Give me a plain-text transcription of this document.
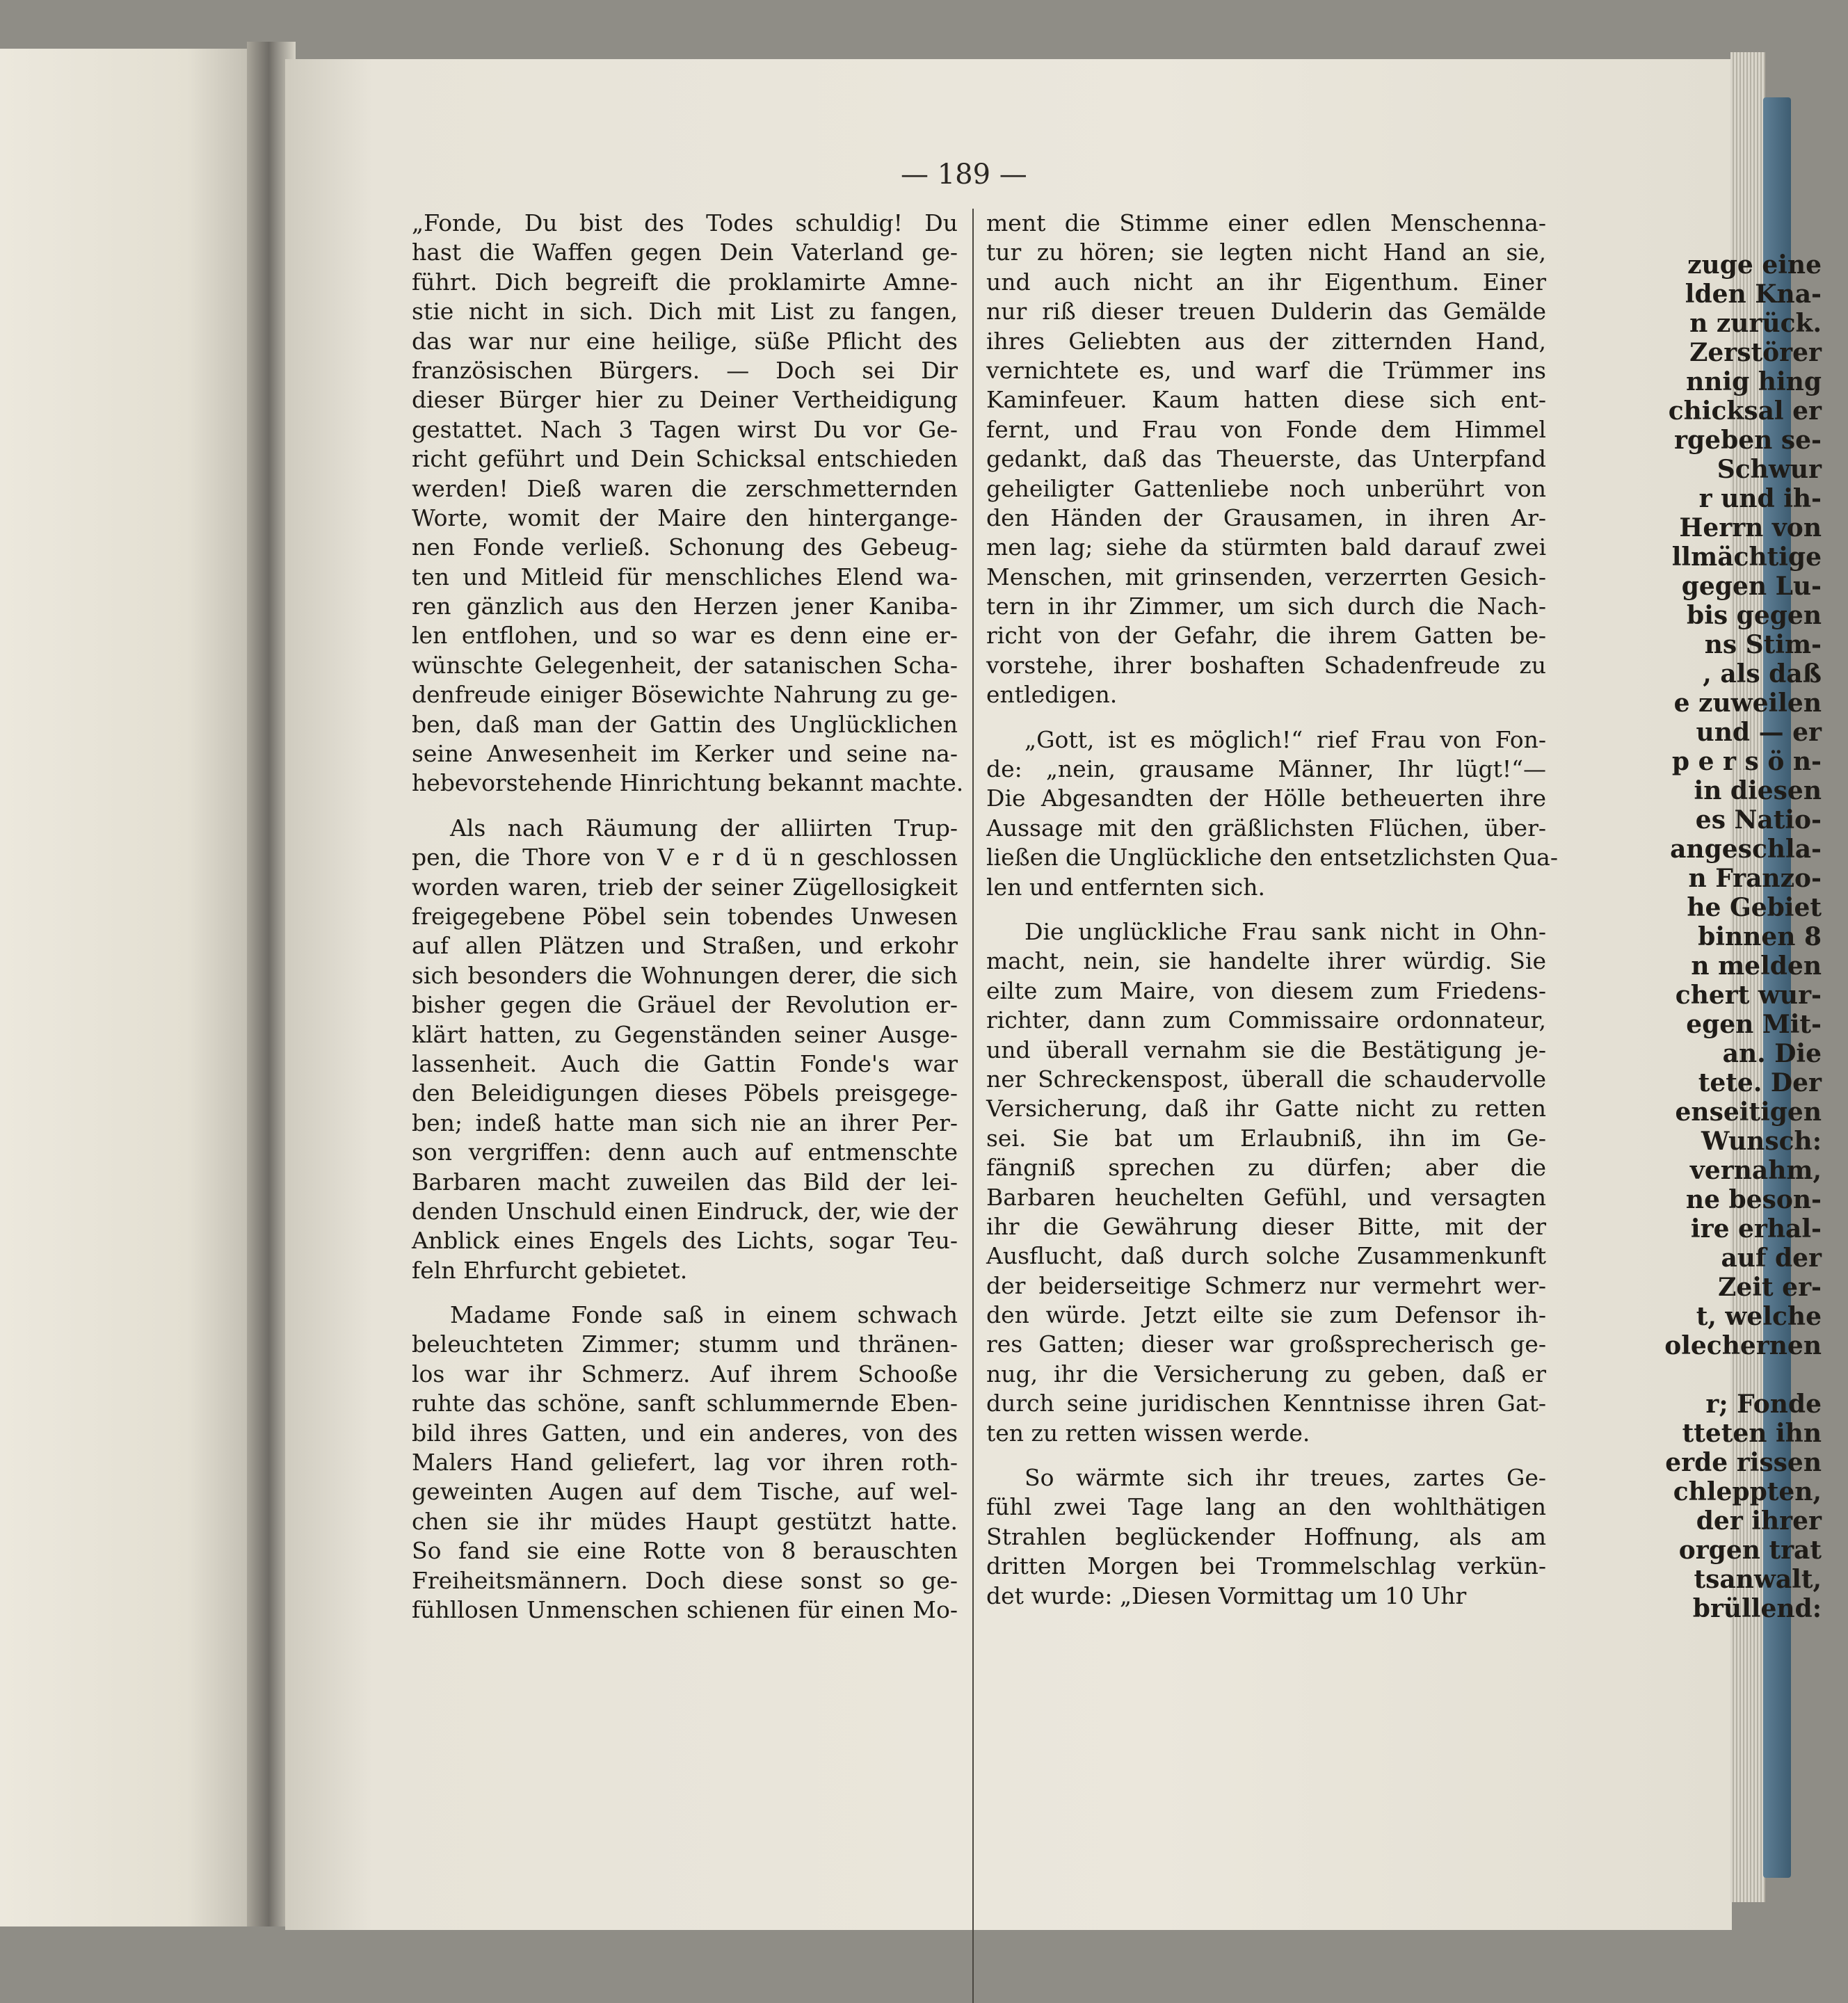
zuge eine
lden Kna-
n zurück.
Zerstörer
nnig hing
chicksal er
rgeben se-
Schwur
r und ih-
Herrn von
llmächtige
gegen Lu-
bis gegen
ns Stim-
, als daß
e zuweilen
und — er
p e r s ö n-
in diesen
es Natio-
angeschla-
n Franzo-
he Gebiet
binnen 8
n melden
chert wur-
egen Mit-
an. Die
tete. Der
enseitigen
Wunsch:
vernahm,
ne beson-
ire erhal-
auf der
Zeit er-
t, welche
olechernen
r; Fonde
tteten ihn
erde rissen
chleppten,
der ihrer
orgen trat
tsanwalt,
brüllend:
— 189 —
„Fonde, Du bist des Todes schuldig! Du
hast die Waffen gegen Dein Vaterland ge-
führt. Dich begreift die proklamirte Amne-
stie nicht in sich. Dich mit List zu fangen,
das war nur eine heilige, süße Pflicht des
französischen Bürgers. — Doch sei Dir
dieser Bürger hier zu Deiner Vertheidigung
gestattet. Nach 3 Tagen wirst Du vor Ge-
richt geführt und Dein Schicksal entschieden
werden! Dieß waren die zerschmetternden
Worte, womit der Maire den hintergange-
nen Fonde verließ. Schonung des Gebeug-
ten und Mitleid für menschliches Elend wa-
ren gänzlich aus den Herzen jener Kaniba-
len entflohen, und so war es denn eine er-
wünschte Gelegenheit, der satanischen Scha-
denfreude einiger Bösewichte Nahrung zu ge-
ben, daß man der Gattin des Unglücklichen
seine Anwesenheit im Kerker und seine na-
hebevorstehende Hinrichtung bekannt machte.
Als nach Räumung der alliirten Trup-
pen, die Thore von V e r d ü n geschlossen
worden waren, trieb der seiner Zügellosigkeit
freigegebene Pöbel sein tobendes Unwesen
auf allen Plätzen und Straßen, und erkohr
sich besonders die Wohnungen derer, die sich
bisher gegen die Gräuel der Revolution er-
klärt hatten, zu Gegenständen seiner Ausge-
lassenheit. Auch die Gattin Fonde's war
den Beleidigungen dieses Pöbels preisgege-
ben; indeß hatte man sich nie an ihrer Per-
son vergriffen: denn auch auf entmenschte
Barbaren macht zuweilen das Bild der lei-
denden Unschuld einen Eindruck, der, wie der
Anblick eines Engels des Lichts, sogar Teu-
feln Ehrfurcht gebietet.
Madame Fonde saß in einem schwach
beleuchteten Zimmer; stumm und thränen-
los war ihr Schmerz. Auf ihrem Schooße
ruhte das schöne, sanft schlummernde Eben-
bild ihres Gatten, und ein anderes, von des
Malers Hand geliefert, lag vor ihren roth-
geweinten Augen auf dem Tische, auf wel-
chen sie ihr müdes Haupt gestützt hatte.
So fand sie eine Rotte von 8 berauschten
Freiheitsmännern. Doch diese sonst so ge-
fühllosen Unmenschen schienen für einen Mo-
ment die Stimme einer edlen Menschenna-
tur zu hören; sie legten nicht Hand an sie,
und auch nicht an ihr Eigenthum. Einer
nur riß dieser treuen Dulderin das Gemälde
ihres Geliebten aus der zitternden Hand,
vernichtete es, und warf die Trümmer ins
Kaminfeuer. Kaum hatten diese sich ent-
fernt, und Frau von Fonde dem Himmel
gedankt, daß das Theuerste, das Unterpfand
geheiligter Gattenliebe noch unberührt von
den Händen der Grausamen, in ihren Ar-
men lag; siehe da stürmten bald darauf zwei
Menschen, mit grinsenden, verzerrten Gesich-
tern in ihr Zimmer, um sich durch die Nach-
richt von der Gefahr, die ihrem Gatten be-
vorstehe, ihrer boshaften Schadenfreude zu
entledigen.
„Gott, ist es möglich!“ rief Frau von Fon-
de: „nein, grausame Männer, Ihr lügt!“—
Die Abgesandten der Hölle betheuerten ihre
Aussage mit den gräßlichsten Flüchen, über-
ließen die Unglückliche den entsetzlichsten Qua-
len und entfernten sich.
Die unglückliche Frau sank nicht in Ohn-
macht, nein, sie handelte ihrer würdig. Sie
eilte zum Maire, von diesem zum Friedens-
richter, dann zum Commissaire ordonnateur,
und überall vernahm sie die Bestätigung je-
ner Schreckenspost, überall die schaudervolle
Versicherung, daß ihr Gatte nicht zu retten
sei. Sie bat um Erlaubniß, ihn im Ge-
fängniß sprechen zu dürfen; aber die
Barbaren heuchelten Gefühl, und versagten
ihr die Gewährung dieser Bitte, mit der
Ausflucht, daß durch solche Zusammenkunft
der beiderseitige Schmerz nur vermehrt wer-
den würde. Jetzt eilte sie zum Defensor ih-
res Gatten; dieser war großsprecherisch ge-
nug, ihr die Versicherung zu geben, daß er
durch seine juridischen Kenntnisse ihren Gat-
ten zu retten wissen werde.
So wärmte sich ihr treues, zartes Ge-
fühl zwei Tage lang an den wohlthätigen
Strahlen beglückender Hoffnung, als am
dritten Morgen bei Trommelschlag verkün-
det wurde: „Diesen Vormittag um 10 Uhr
